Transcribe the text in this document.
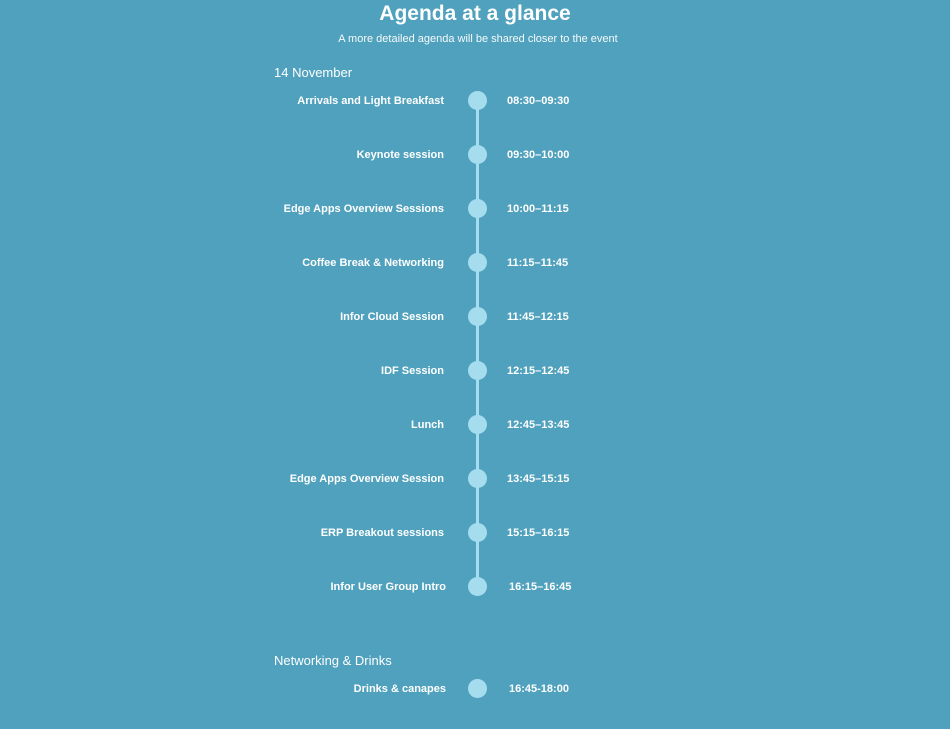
Agenda at a glance
A more detailed agenda will be shared closer to the event
14 November
Arrivals and Light Breakfast	08:30–09:30
Keynote session	09:30–10:00
Edge Apps Overview Sessions	10:00–11:15
Coffee Break & Networking	11:15–11:45
Infor Cloud Session	11:45–12:15
IDF Session	12:15–12:45
Lunch	12:45–13:45
Edge Apps Overview Session	13:45–15:15
ERP Breakout sessions	15:15–16:15
Infor User Group Intro	16:15–16:45
Networking & Drinks
Drinks & canapes	16:45-18:00
